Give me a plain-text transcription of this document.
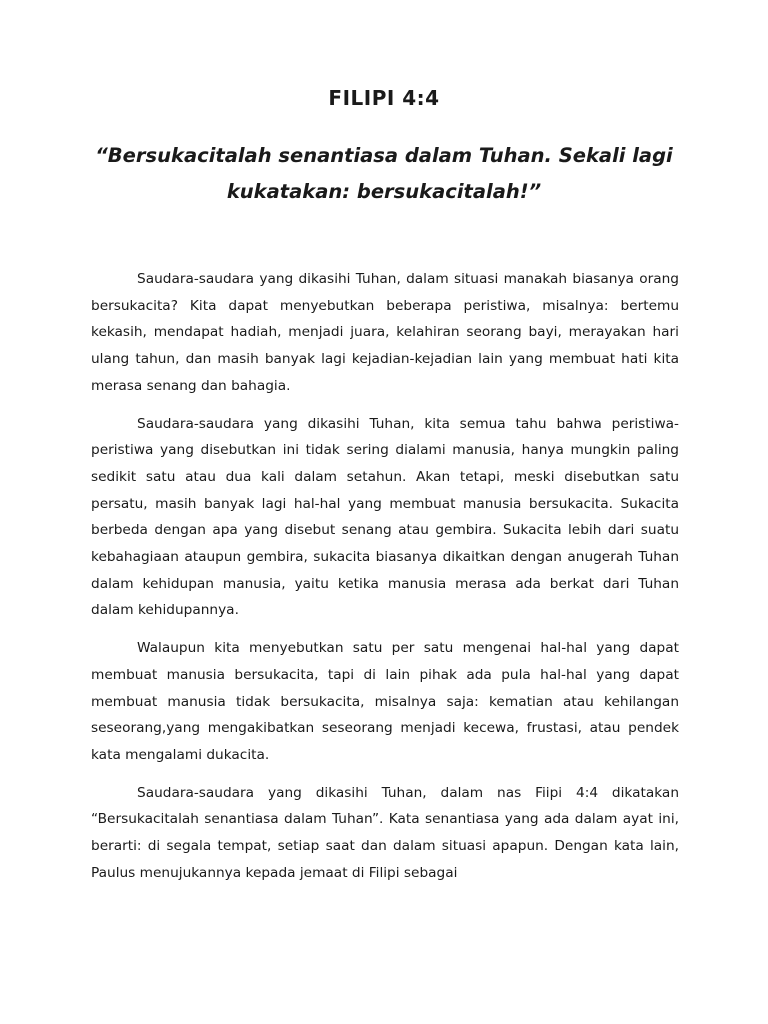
FILIPI 4:4

“Bersukacitalah senantiasa dalam Tuhan. Sekali lagi kukatakan: bersukacitalah!”

Saudara-saudara yang dikasihi Tuhan, dalam situasi manakah biasanya orang bersukacita? Kita dapat menyebutkan beberapa peristiwa, misalnya: bertemu kekasih, mendapat hadiah, menjadi juara, kelahiran seorang bayi, merayakan hari ulang tahun, dan masih banyak lagi kejadian-kejadian lain yang membuat hati kita merasa senang dan bahagia.

Saudara-saudara yang dikasihi Tuhan, kita semua tahu bahwa peristiwa-peristiwa yang disebutkan ini tidak sering dialami manusia, hanya mungkin paling sedikit satu atau dua kali dalam setahun. Akan tetapi, meski disebutkan satu persatu, masih banyak lagi hal-hal yang membuat manusia bersukacita. Sukacita berbeda dengan apa yang disebut senang atau gembira. Sukacita lebih dari suatu kebahagiaan ataupun gembira, sukacita biasanya dikaitkan dengan anugerah Tuhan dalam kehidupan manusia, yaitu ketika manusia merasa ada berkat dari Tuhan dalam kehidupannya.

Walaupun kita menyebutkan satu per satu mengenai hal-hal yang dapat membuat manusia bersukacita, tapi di lain pihak ada pula hal-hal yang dapat membuat manusia tidak bersukacita, misalnya saja: kematian atau kehilangan seseorang,yang mengakibatkan seseorang menjadi kecewa, frustasi, atau pendek kata mengalami dukacita.

Saudara-saudara yang dikasihi Tuhan, dalam nas Fiipi 4:4 dikatakan “Bersukacitalah senantiasa dalam Tuhan”. Kata senantiasa yang ada dalam ayat ini, berarti: di segala tempat, setiap saat dan dalam situasi apapun. Dengan kata lain, Paulus menujukannya kepada jemaat di Filipi sebagai
